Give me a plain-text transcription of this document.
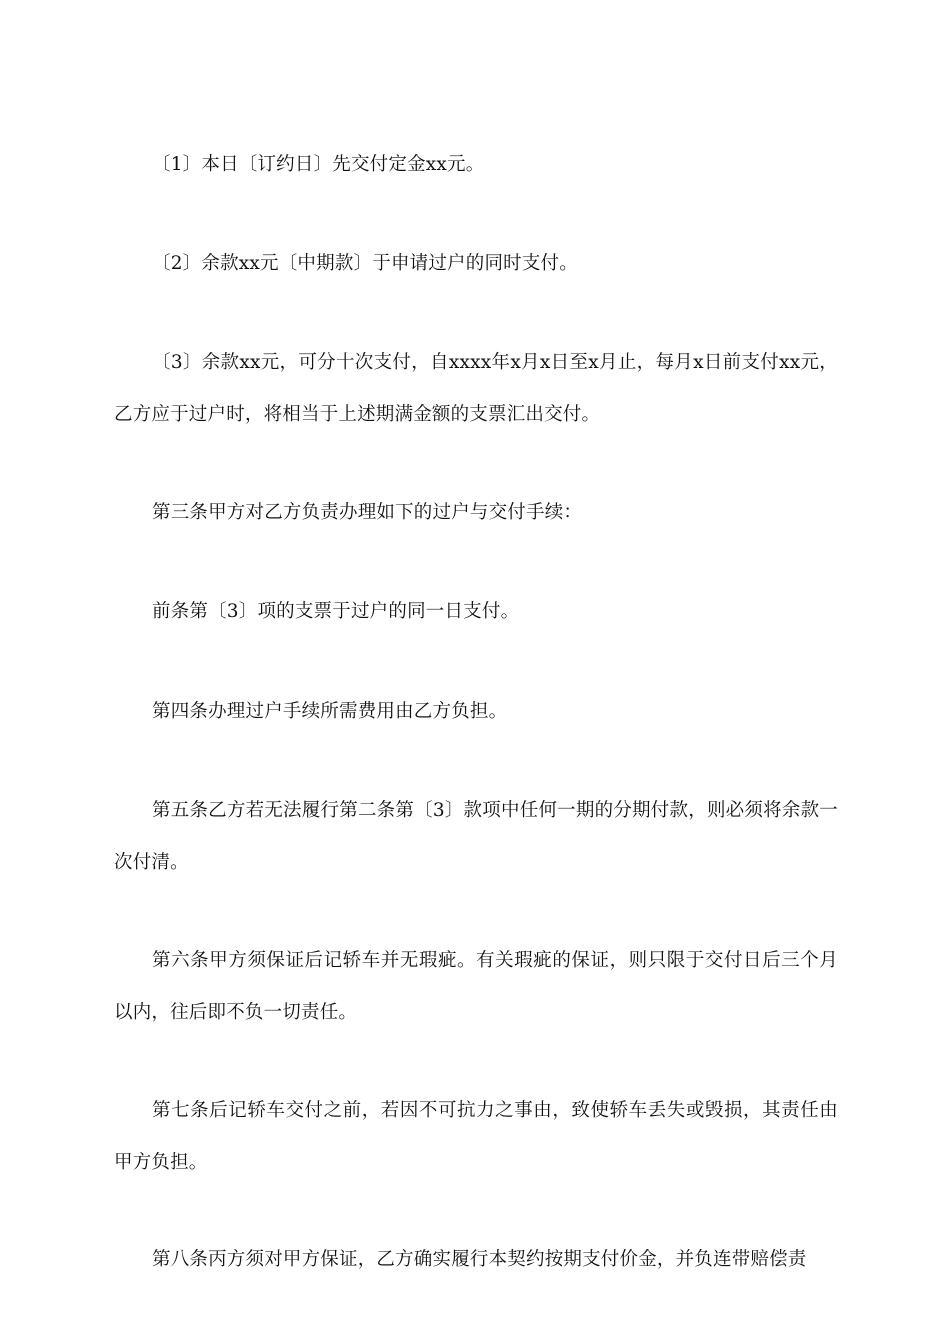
〔1〕本日〔订约日〕先交付定金xx元。

〔2〕余款xx元〔中期款〕于申请过户的同时支付。

〔3〕余款xx元，可分十次支付，自xxxx年x月x日至x月止，每月x日前支付xx元，乙方应于过户时，将相当于上述期满金额的支票汇出交付。

第三条甲方对乙方负责办理如下的过户与交付手续：

前条第〔3〕项的支票于过户的同一日支付。

第四条办理过户手续所需费用由乙方负担。

第五条乙方若无法履行第二条第〔3〕款项中任何一期的分期付款，则必须将余款一次付清。

第六条甲方须保证后记轿车并无瑕疵。有关瑕疵的保证，则只限于交付日后三个月以内，往后即不负一切责任。

第七条后记轿车交付之前，若因不可抗力之事由，致使轿车丢失或毁损，其责任由甲方负担。

第八条丙方须对甲方保证，乙方确实履行本契约按期支付价金，并负连带赔偿责
